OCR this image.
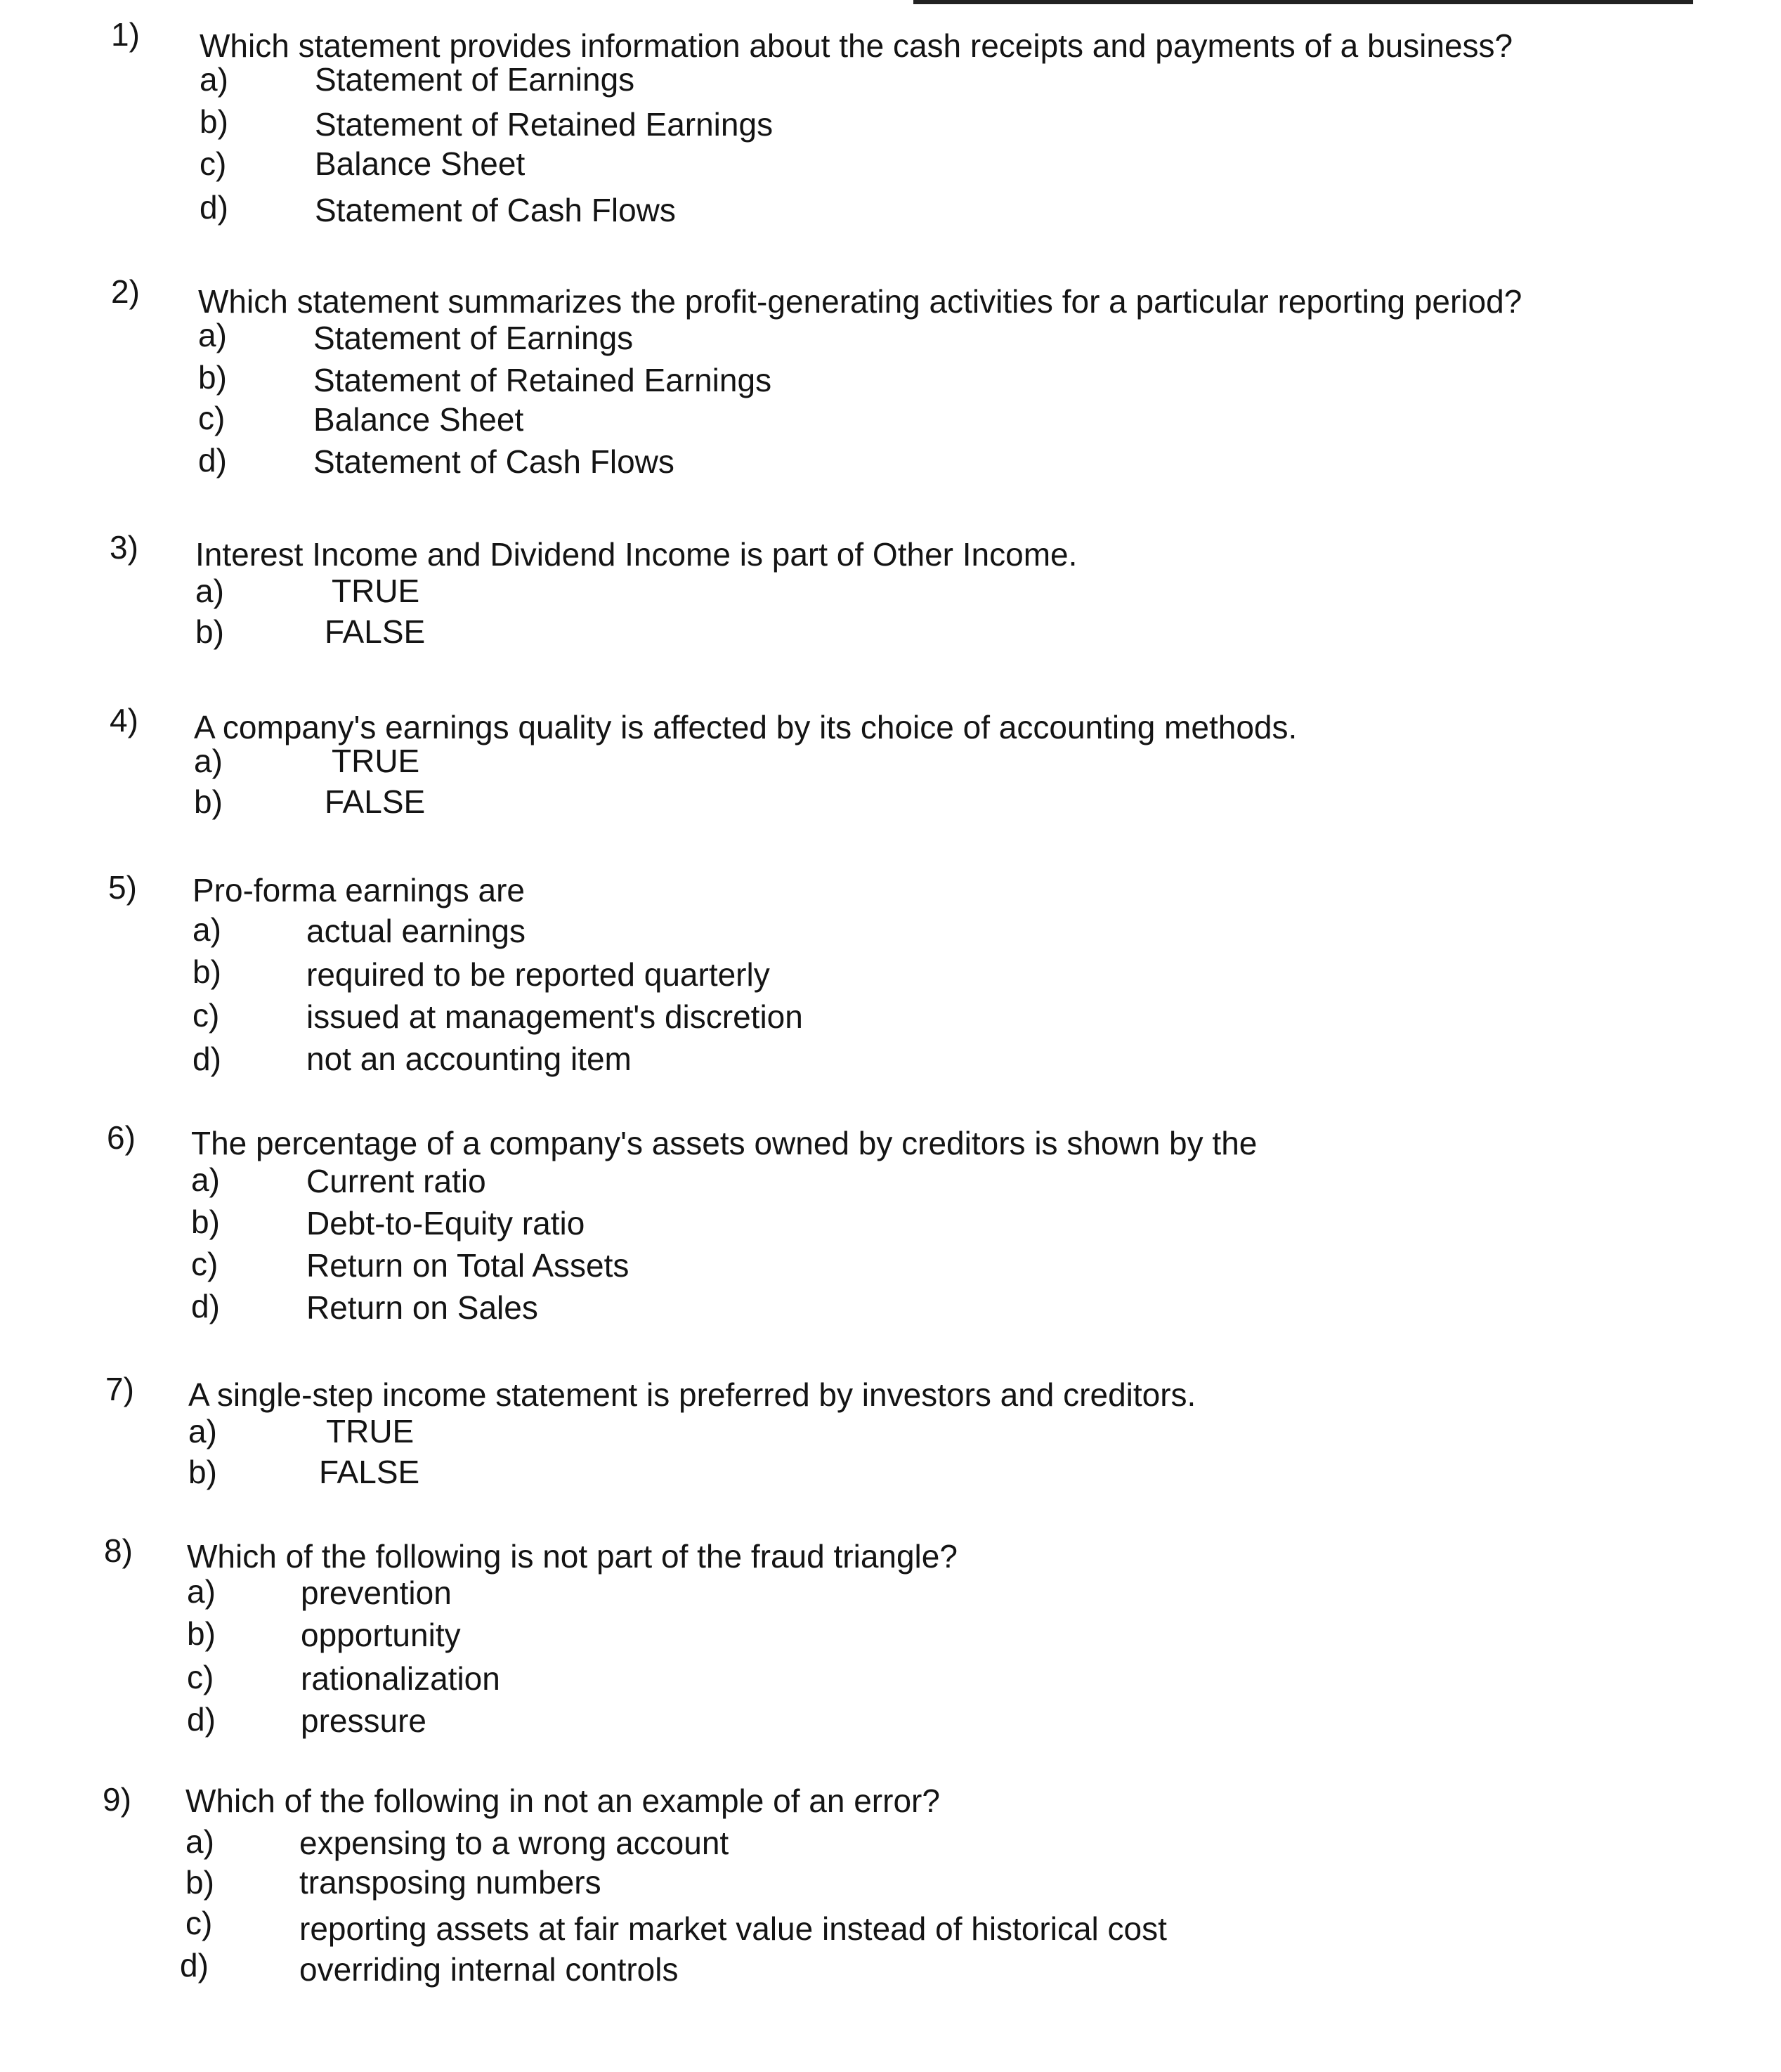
1) Which statement provides information about the cash receipts and payments of a business?
a)	Statement of Earnings
b)	Statement of Retained Earnings
c)	Balance Sheet
d)	Statement of Cash Flows
2) Which statement summarizes the profit-generating activities for a particular reporting period?
a)	Statement of Earnings
b)	Statement of Retained Earnings
c)	Balance Sheet
d)	Statement of Cash Flows
3) Interest Income and Dividend Income is part of Other Income.
a)	TRUE
b)	FALSE
4) A company's earnings quality is affected by its choice of accounting methods.
a)	TRUE
b)	FALSE
5) Pro-forma earnings are
a)	actual earnings
b)	required to be reported quarterly
c)	issued at management's discretion
d)	not an accounting item
6) The percentage of a company's assets owned by creditors is shown by the
a)	Current ratio
b)	Debt-to-Equity ratio
c)	Return on Total Assets
d)	Return on Sales
7) A single-step income statement is preferred by investors and creditors.
a)	TRUE
b)	FALSE
8) Which of the following is not part of the fraud triangle?
a)	prevention
b)	opportunity
c)	rationalization
d)	pressure
9) Which of the following in not an example of an error?
a)	expensing to a wrong account
b)	transposing numbers
c)	reporting assets at fair market value instead of historical cost
d)	overriding internal controls
